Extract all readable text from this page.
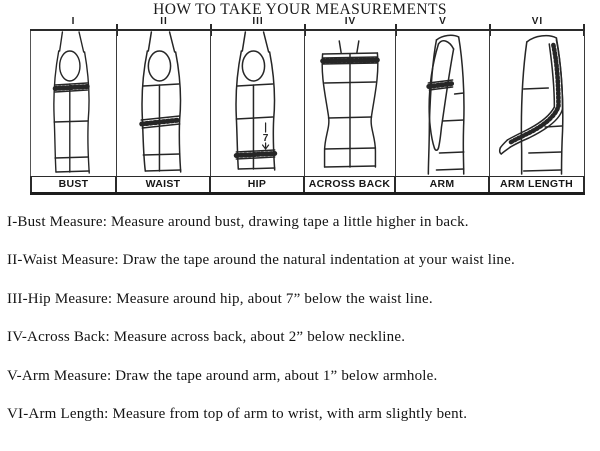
HOW TO TAKE YOUR MEASUREMENTS
I	II	III	IV	V	VI
7
BUST	WAIST	HIP	ACROSS BACK	ARM	ARM LENGTH
I-Bust Measure: Measure around bust, drawing tape a little higher in back.
II-Waist Measure: Draw the tape around the natural indentation at your waist line.
III-Hip Measure: Measure around hip, about 7” below the waist line.
IV-Across Back: Measure across back, about 2” below neckline.
V-Arm Measure: Draw the tape around arm, about 1” below armhole.
VI-Arm Length: Measure from top of arm to wrist, with arm slightly bent.
